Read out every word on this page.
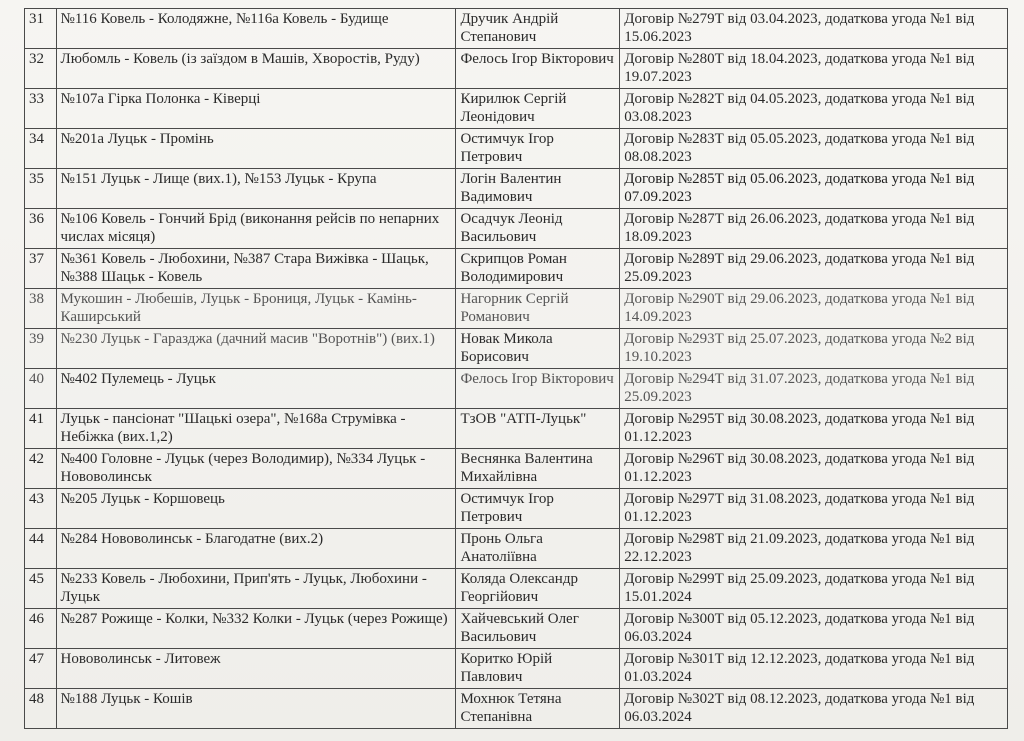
31	№116 Ковель - Колодяжне, №116а Ковель - Будище	Дручик Андрій Степанович	Договір №279Т від 03.04.2023, додаткова угода №1 від 15.06.2023
32	Любомль - Ковель (із заїздом в Машів, Хворостів, Руду)	Фелось Ігор Вікторович	Договір №280Т від 18.04.2023, додаткова угода №1 від 19.07.2023
33	№107а Гірка Полонка - Ківерці	Кирилюк Сергій Леонідович	Договір №282Т від 04.05.2023, додаткова угода №1 від 03.08.2023
34	№201а Луцьк - Промінь	Остимчук Ігор Петрович	Договір №283Т від 05.05.2023, додаткова угода №1 від 08.08.2023
35	№151 Луцьк - Лище (вих.1), №153 Луцьк - Крупа	Логін Валентин Вадимович	Договір №285Т від 05.06.2023, додаткова угода №1 від 07.09.2023
36	№106 Ковель - Гончий Брід (виконання рейсів по непарних числах місяця)	Осадчук Леонід Васильович	Договір №287Т від 26.06.2023, додаткова угода №1 від 18.09.2023
37	№361 Ковель - Любохини, №387 Стара Вижівка - Шацьк, №388 Шацьк - Ковель	Скрипцов Роман Володимирович	Договір №289Т від 29.06.2023, додаткова угода №1 від 25.09.2023
38	Мукошин - Любешів, Луцьк - Брониця, Луцьк - Камінь-Каширський	Нагорник Сергій Романович	Договір №290Т від 29.06.2023, додаткова угода №1 від 14.09.2023
39	№230 Луцьк - Гаразджа (дачний масив "Воротнів") (вих.1)	Новак Микола Борисович	Договір №293Т від 25.07.2023, додаткова угода №2 від 19.10.2023
40	№402 Пулемець - Луцьк	Фелось Ігор Вікторович	Договір №294Т від 31.07.2023, додаткова угода №1 від 25.09.2023
41	Луцьк - пансіонат "Шацькі озера", №168а Струмівка - Небіжка (вих.1,2)	ТзОВ "АТП-Луцьк"	Договір №295Т від 30.08.2023, додаткова угода №1 від 01.12.2023
42	№400 Головне - Луцьк (через Володимир), №334 Луцьк - Нововолинськ	Веснянка Валентина Михайлівна	Договір №296Т від 30.08.2023, додаткова угода №1 від 01.12.2023
43	№205 Луцьк - Коршовець	Остимчук Ігор Петрович	Договір №297Т від 31.08.2023, додаткова угода №1 від 01.12.2023
44	№284 Нововолинськ - Благодатне (вих.2)	Пронь Ольга Анатоліївна	Договір №298Т від 21.09.2023, додаткова угода №1 від 22.12.2023
45	№233 Ковель - Любохини, Прип'ять - Луцьк, Любохини - Луцьк	Коляда Олександр Георгійович	Договір №299Т від 25.09.2023, додаткова угода №1 від 15.01.2024
46	№287 Рожище - Колки, №332 Колки - Луцьк (через Рожище)	Хайчевський Олег Васильович	Договір №300Т від 05.12.2023, додаткова угода №1 від 06.03.2024
47	Нововолинськ - Литовеж	Коритко Юрій Павлович	Договір №301Т від 12.12.2023, додаткова угода №1 від 01.03.2024
48	№188 Луцьк - Кошів	Мохнюк Тетяна Степанівна	Договір №302Т від 08.12.2023, додаткова угода №1 від 06.03.2024
